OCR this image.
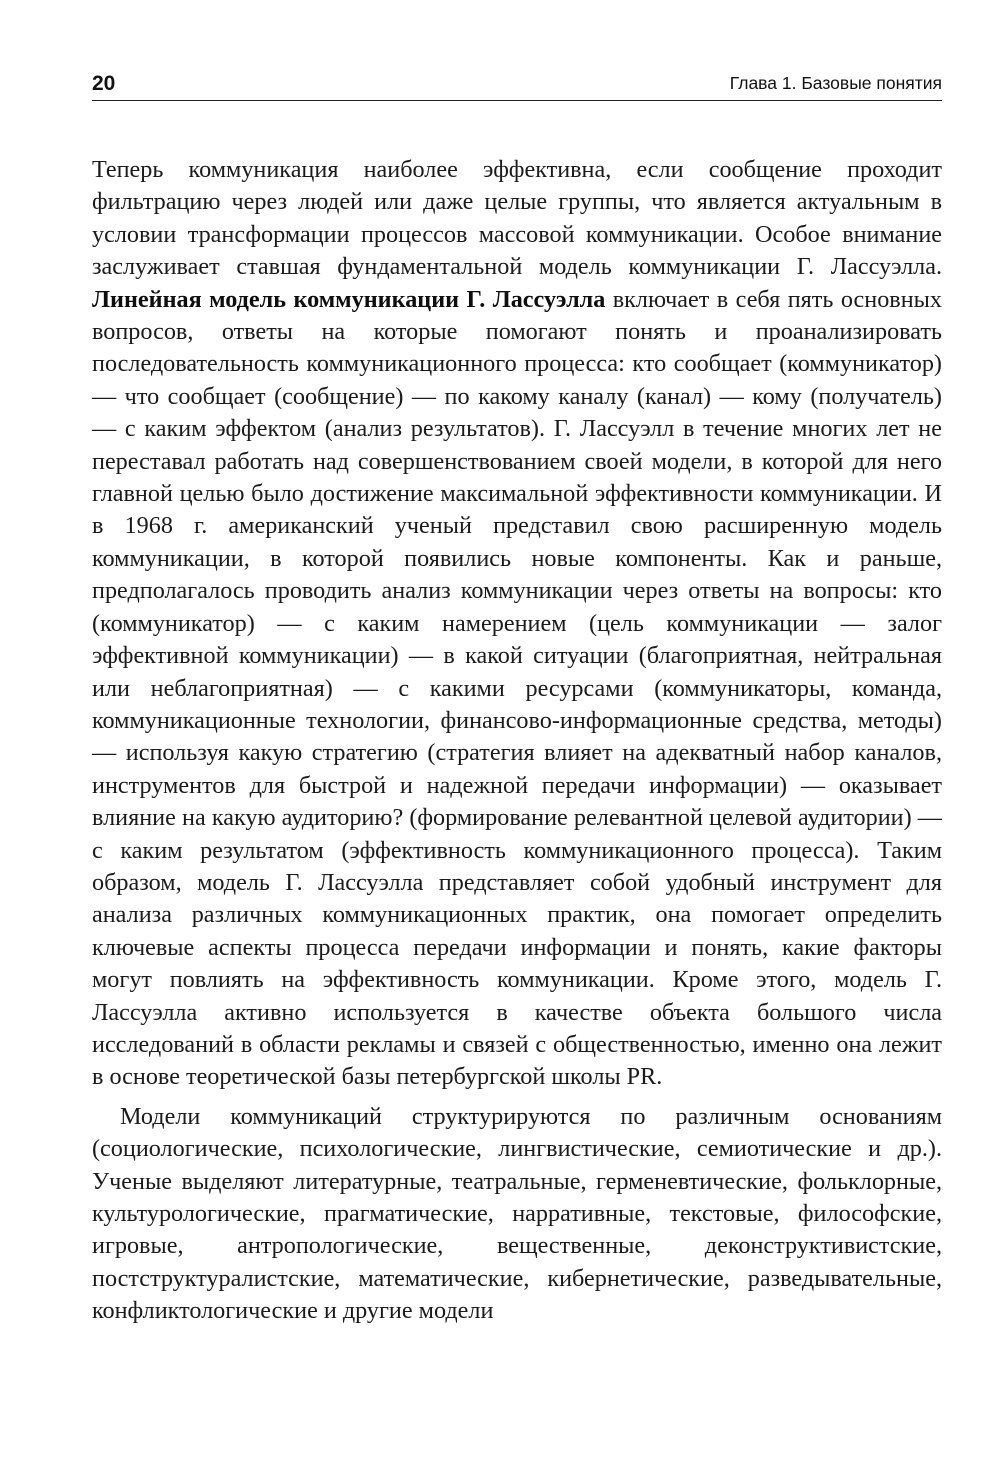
20	Глава 1. Базовые понятия

Теперь коммуникация наиболее эффективна, если сообщение проходит фильтрацию через людей или даже целые группы, что является актуальным в условии трансформации процессов массовой коммуникации. Особое внимание заслуживает ставшая фундаментальной модель коммуникации Г. Лассуэлла. Линейная модель коммуникации Г. Лассуэлла включает в себя пять основных вопросов, ответы на которые помогают понять и проанализировать последовательность коммуникационного процесса: кто сообщает (коммуникатор) — что сообщает (сообщение) — по какому каналу (канал) — кому (получатель) — с каким эффектом (анализ результатов). Г. Лассуэлл в течение многих лет не переставал работать над совершенствованием своей модели, в которой для него главной целью было достижение максимальной эффективности коммуникации. И в 1968 г. американский ученый представил свою расширенную модель коммуникации, в которой появились новые компоненты. Как и раньше, предполагалось проводить анализ коммуникации через ответы на вопросы: кто (коммуникатор) — с каким намерением (цель коммуникации — залог эффективной коммуникации) — в какой ситуации (благоприятная, нейтральная или неблагоприятная) — с какими ресурсами (коммуникаторы, команда, коммуникационные технологии, финансово-информационные средства, методы) — используя какую стратегию (стратегия влияет на адекватный набор каналов, инструментов для быстрой и надежной передачи информации) — оказывает влияние на какую аудиторию? (формирование релевантной целевой аудитории) — с каким результатом (эффективность коммуникационного процесса). Таким образом, модель Г. Лассуэлла представляет собой удобный инструмент для анализа различных коммуникационных практик, она помогает определить ключевые аспекты процесса передачи информации и понять, какие факторы могут повлиять на эффективность коммуникации. Кроме этого, модель Г. Лассуэлла активно используется в качестве объекта большого числа исследований в области рекламы и связей с общественностью, именно она лежит в основе теоретической базы петербургской школы PR.

Модели коммуникаций структурируются по различным основаниям (социологические, психологические, лингвистические, семиотические и др.). Ученые выделяют литературные, театральные, герменевтические, фольклорные, культурологические, прагматические, нарративные, текстовые, философские, игровые, антропологические, вещественные, деконструктивистские, постструктуралистские, математические, кибернетические, разведывательные, конфликтологические и другие модели
